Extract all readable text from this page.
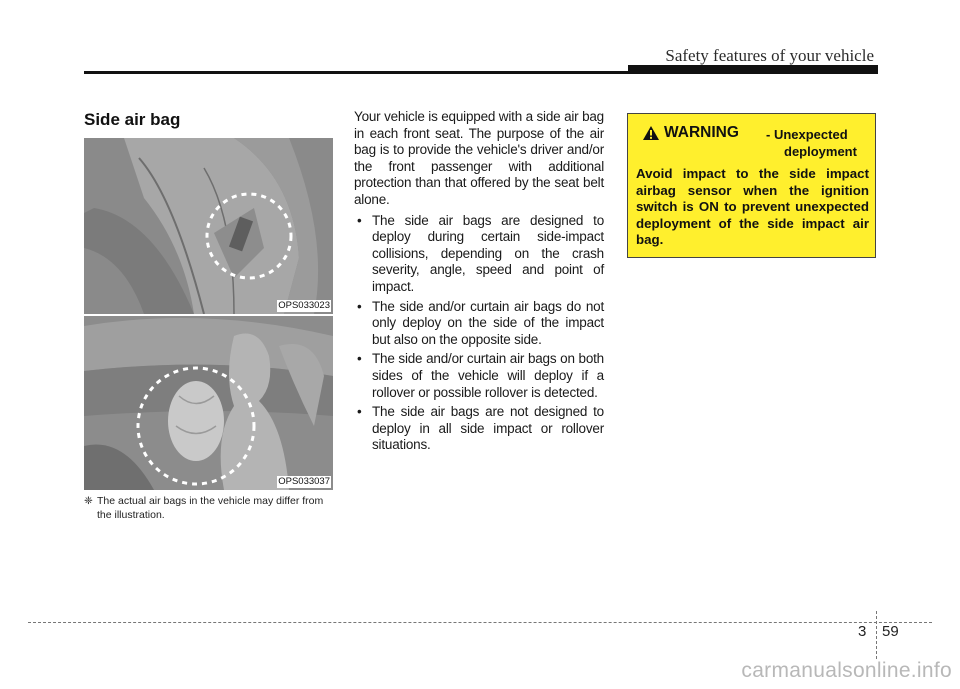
Safety features of your vehicle
Side air bag
OPS033023
OPS033037
❈ The actual air bags in the vehicle may differ from the illustration.

Your vehicle is equipped with a side air bag in each front seat. The purpose of the air bag is to provide the vehicle's driver and/or the front passenger with additional protection than that offered by the seat belt alone.

• The side air bags are designed to deploy during certain side-impact collisions, depending on the crash severity, angle, speed and point of impact.
• The side and/or curtain air bags do not only deploy on the side of the impact but also on the opposite side.
• The side and/or curtain air bags on both sides of the vehicle will deploy if a rollover or possible rollover is detected.
• The side air bags are not designed to deploy in all side impact or rollover situations.
WARNING - Unexpected
deployment
Avoid impact to the side impact airbag sensor when the ignition switch is ON to prevent unexpected deployment of the side impact air bag.
3 59
carmanualsonline.info
